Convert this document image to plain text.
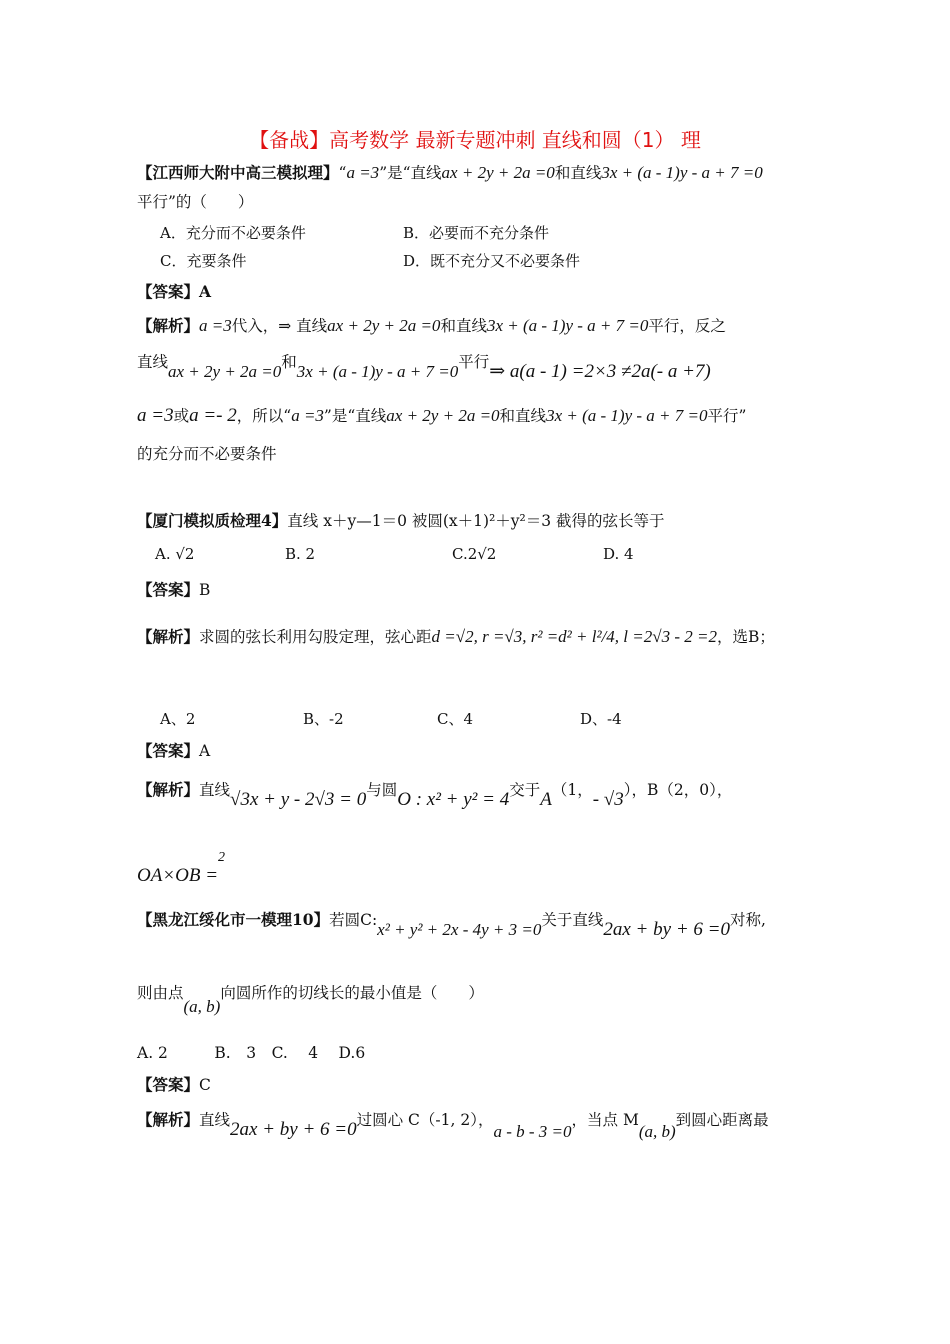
【备战】高考数学 最新专题冲刺 直线和圆（1） 理
【江西师大附中高三模拟理】“a =3”是“直线ax + 2y + 2a =0和直线3x + (a - 1)y - a + 7 =0
平行”的（　　）
A．充分而不必要条件	B．必要而不充分条件
C．充要条件	D．既不充分又不必要条件
【答案】A
【解析】a =3代入，⇒ 直线ax + 2y + 2a =0和直线3x + (a - 1)y - a + 7 =0平行，反之
直线ax + 2y + 2a =0和3x + (a - 1)y - a + 7 =0平行⇒ a(a - 1) =2×3 ≠2a(- a +7)
a =3或a =- 2，所以“a =3”是“直线ax + 2y + 2a =0和直线3x + (a - 1)y - a + 7 =0平行”
的充分而不必要条件
【厦门模拟质检理4】直线 x＋y—1＝0 被圆(x＋1)²＋y²＝3 截得的弦长等于
A. √2	B. 2	C.2√2	D. 4
【答案】B
【解析】求圆的弦长利用勾股定理，弦心距d =√2, r =√3, r² =d² + l²/4, l =2√3 - 2 =2，选B；
A、2	B、-2	C、4	D、-4
【答案】A
【解析】直线√3x + y - 2√3 = 0与圆O : x² + y² = 4交于A（1，- √3），B（2，0），
OA×OB =$^2$
【黑龙江绥化市一模理10】若圆C:x² + y² + 2x - 4y + 3 =0关于直线2ax + by + 6 =0对称,
则由点(a, b)向圆所作的切线长的最小值是（　　）
A. 2　　　B.　3　C.　 4　 D.6
【答案】C
【解析】直线2ax + by + 6 =0过圆心 C（-1, 2），a - b - 3 =0，当点 M(a, b)到圆心距离最
